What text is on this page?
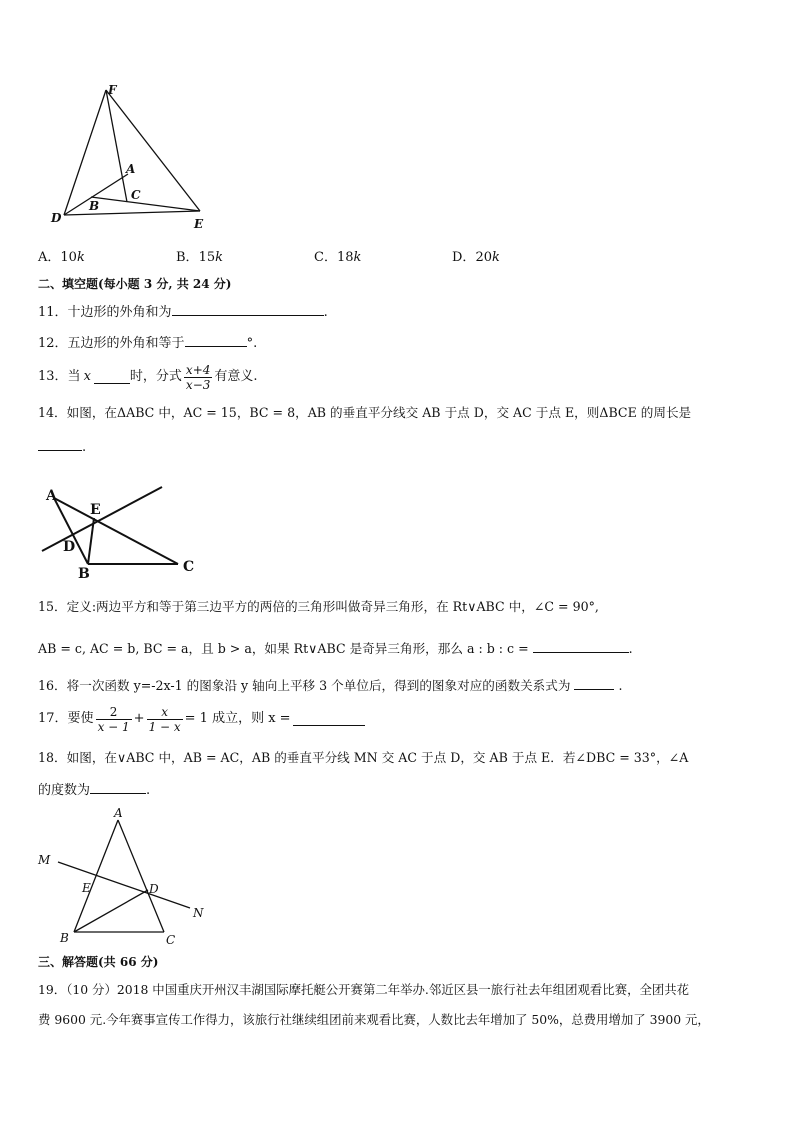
F
A
C
B
D	E
A．10k	B．15k	C．18k	D．20k
二、填空题(每小题 3 分, 共 24 分)
11．十边形的外角和为	.
12．五边形的外角和等于	°.
13． 当 x	时，分式 $\frac{x+4}{x-3}$ 有意义.
14．如图，在ΔABC 中，AC = 15，BC = 8，AB 的垂直平分线交 AB 于点 D，交 AC 于点 E，则ΔBCE 的周长是
.
A
E
D
B	C
15．定义:两边平方和等于第三边平方的两倍的三角形叫做奇异三角形，在 Rt∨ABC 中，∠C = 90°,
AB = c, AC = b, BC = a，且 b > a，如果 Rt∨ABC 是奇异三角形，那么 a : b : c =	.
16．将一次函数 y=-2x-1 的图象沿 y 轴向上平移 3 个单位后，得到的图象对应的函数关系式为	.
17． 要使 $\frac{2}{x - 1} + \frac{x}{1 - x} = 1$ 成立，则 x =
18．如图，在∨ABC 中，AB = AC，AB 的垂直平分线 MN 交 AC 于点 D，交 AB 于点 E．若∠DBC = 33°，∠A
的度数为	.
A
M
E	D
N
B	C
三、解答题(共 66 分)
19．（10 分）2018 中国重庆开州汉丰湖国际摩托艇公开赛第二年举办.邻近区县一旅行社去年组团观看比赛，全团共花
费 9600 元.今年赛事宣传工作得力，该旅行社继续组团前来观看比赛，人数比去年增加了 50%，总费用增加了 3900 元，
